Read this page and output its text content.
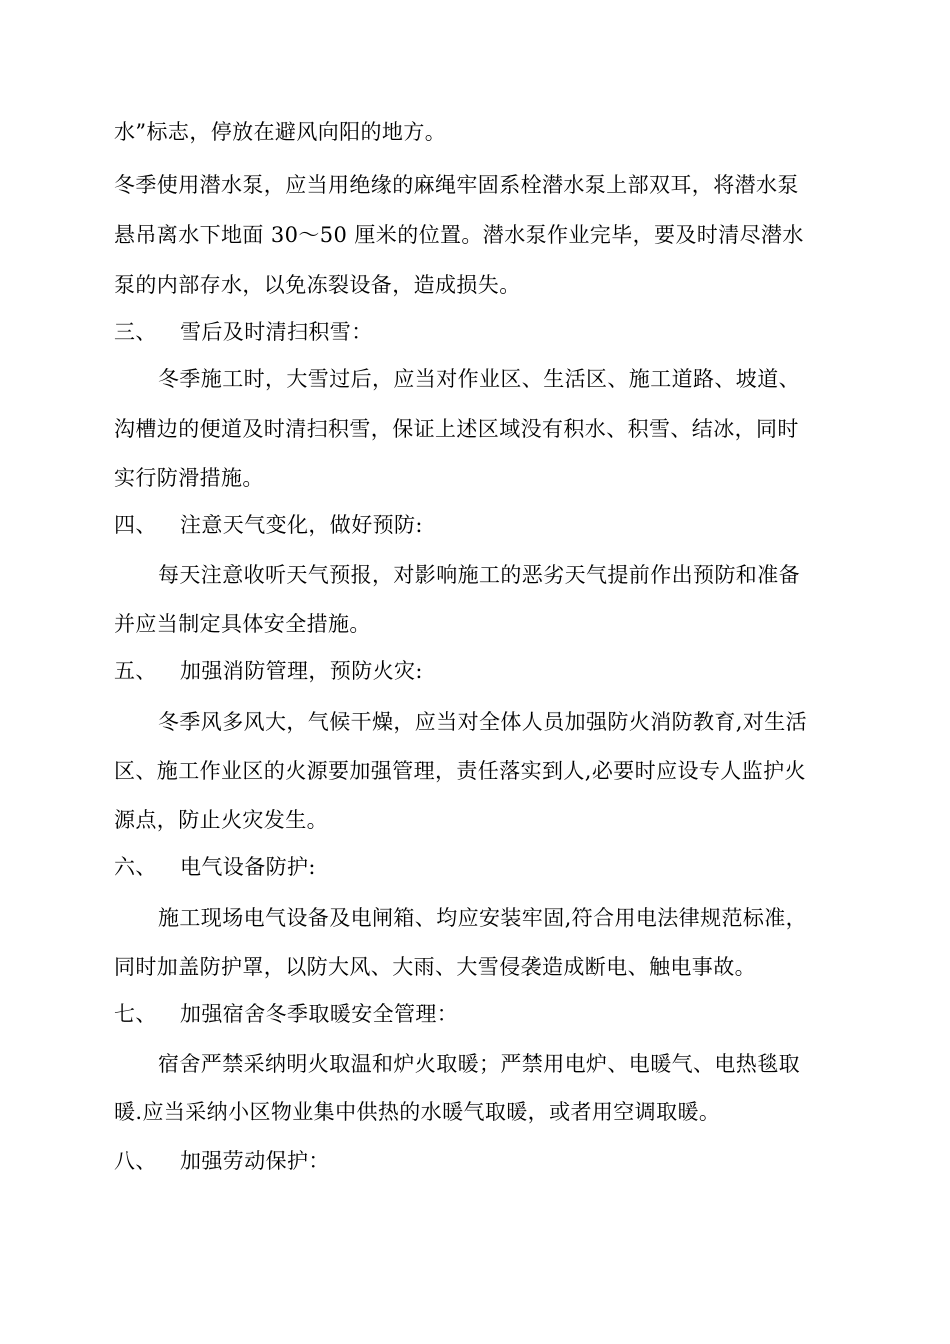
水”标志，停放在避风向阳的地方。
冬季使用潜水泵，应当用绝缘的麻绳牢固系栓潜水泵上部双耳，将潜水泵
悬吊离水下地面 30～50 厘米的位置。潜水泵作业完毕，要及时清尽潜水
泵的内部存水，以免冻裂设备，造成损失。
三、 雪后及时清扫积雪：
冬季施工时，大雪过后，应当对作业区、生活区、施工道路、坡道、
沟槽边的便道及时清扫积雪，保证上述区域没有积水、积雪、结冰，同时
实行防滑措施。
四、 注意天气变化，做好预防:
每天注意收听天气预报，对影响施工的恶劣天气提前作出预防和准备
并应当制定具体安全措施。
五、 加强消防管理，预防火灾:
冬季风多风大，气候干燥，应当对全体人员加强防火消防教育,对生活
区、施工作业区的火源要加强管理，责任落实到人,必要时应设专人监护火
源点，防止火灾发生。
六、 电气设备防护:
施工现场电气设备及电闸箱、均应安装牢固,符合用电法律规范标准，
同时加盖防护罩，以防大风、大雨、大雪侵袭造成断电、触电事故。
七、 加强宿舍冬季取暖安全管理：
宿舍严禁采纳明火取温和炉火取暖；严禁用电炉、电暖气、电热毯取
暖.应当采纳小区物业集中供热的水暖气取暖，或者用空调取暖。
八、 加强劳动保护：
